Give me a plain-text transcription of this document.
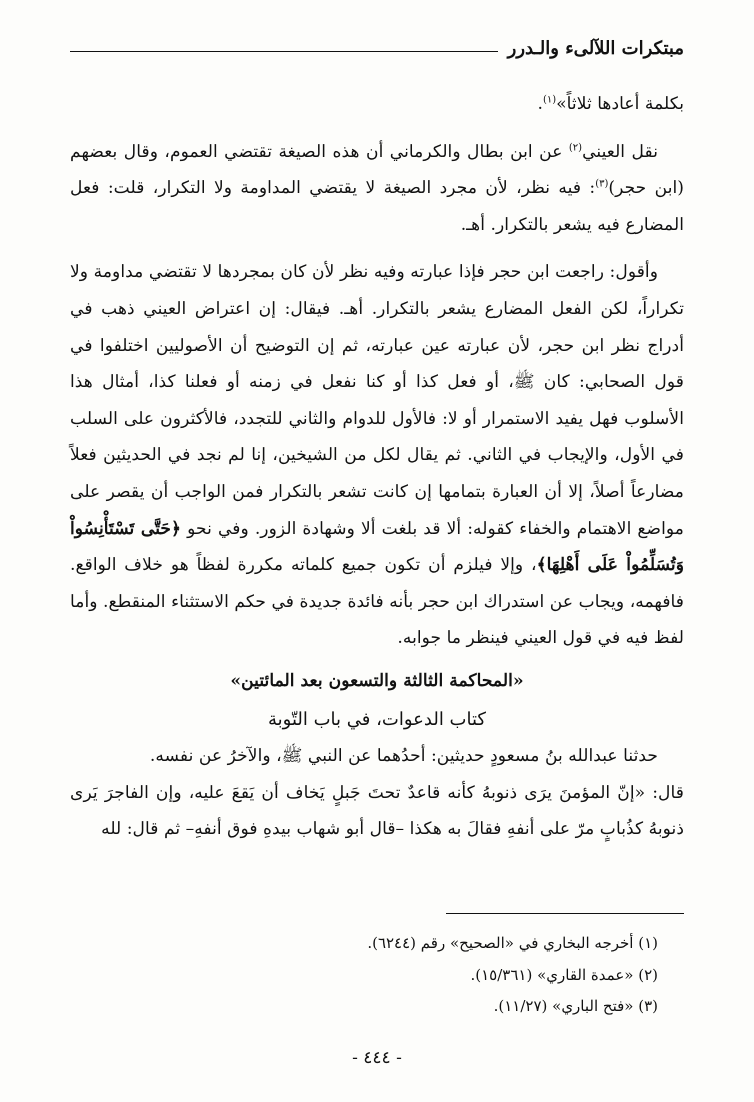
مبتكرات اللآلىء والـدرر

بكلمة أعادها ثلاثاً»$^{(١)}$.

نقل العيني$^{(٢)}$ عن ابن بطال والكرماني أن هذه الصيغة تقتضي العموم، وقال بعضهم (ابن حجر)$^{(٣)}$: فيه نظر، لأن مجرد الصيغة لا يقتضي المداومة ولا التكرار، قلت: فعل المضارع فيه يشعر بالتكرار. أهـ.

وأقول: راجعت ابن حجر فإذا عبارته وفيه نظر لأن كان بمجردها لا تقتضي مداومة ولا تكراراً، لكن الفعل المضارع يشعر بالتكرار. أهـ. فيقال: إن اعتراض العيني ذهب في أدراج نظر ابن حجر، لأن عبارته عين عبارته، ثم إن التوضيح أن الأصوليين اختلفوا في قول الصحابي: كان ﷺ، أو فعل كذا أو كنا نفعل في زمنه أو فعلنا كذا، أمثال هذا الأسلوب فهل يفيد الاستمرار أو لا: فالأول للدوام والثاني للتجدد، فالأكثرون على السلب في الأول، والإيجاب في الثاني. ثم يقال لكل من الشيخين، إنا لم نجد في الحديثين فعلاً مضارعاً أصلاً، إلا أن العبارة بتمامها إن كانت تشعر بالتكرار فمن الواجب أن يقصر على مواضع الاهتمام والخفاء كقوله: ألا قد بلغت ألا وشهادة الزور. وفي نحو ﴿حَتَّى تَسْتَأْنِسُواْ وَتُسَلِّمُواْ عَلَى أَهْلِهَا﴾، وإلا فيلزم أن تكون جميع كلماته مكررة لفظاً هو خلاف الواقع. فافهمه، ويجاب عن استدراك ابن حجر بأنه فائدة جديدة في حكم الاستثناء المنقطع. وأما لفظ فيه في قول العيني فينظر ما جوابه.

«المحاكمة الثالثة والتسعون بعد المائتين»
كتاب الدعوات، في باب التّوبة

حدثنا عبدالله بنُ مسعودٍ حديثين: أحدُهما عن النبي ﷺ، والآخرُ عن نفسه.

قال: «إنّ المؤمنَ يرَى ذنوبهُ كأنه قاعدٌ تحتَ جَبلٍ يَخاف أن يَقعَ عليه، وإن الفاجرَ يَرى ذنوبهُ كذُبابٍ مرّ على أنفهِ فقالَ به هكذا –قال أبو شهاب بيدهِ فوق أنفهِ– ثم قال: لله

(١) أخرجه البخاري في «الصحيح» رقم (٦٢٤٤).
(٢) «عمدة القاري» (١٥/٣٦١).
(٣) «فتح الباري» (١١/٢٧).
- ٤٤٤ -
